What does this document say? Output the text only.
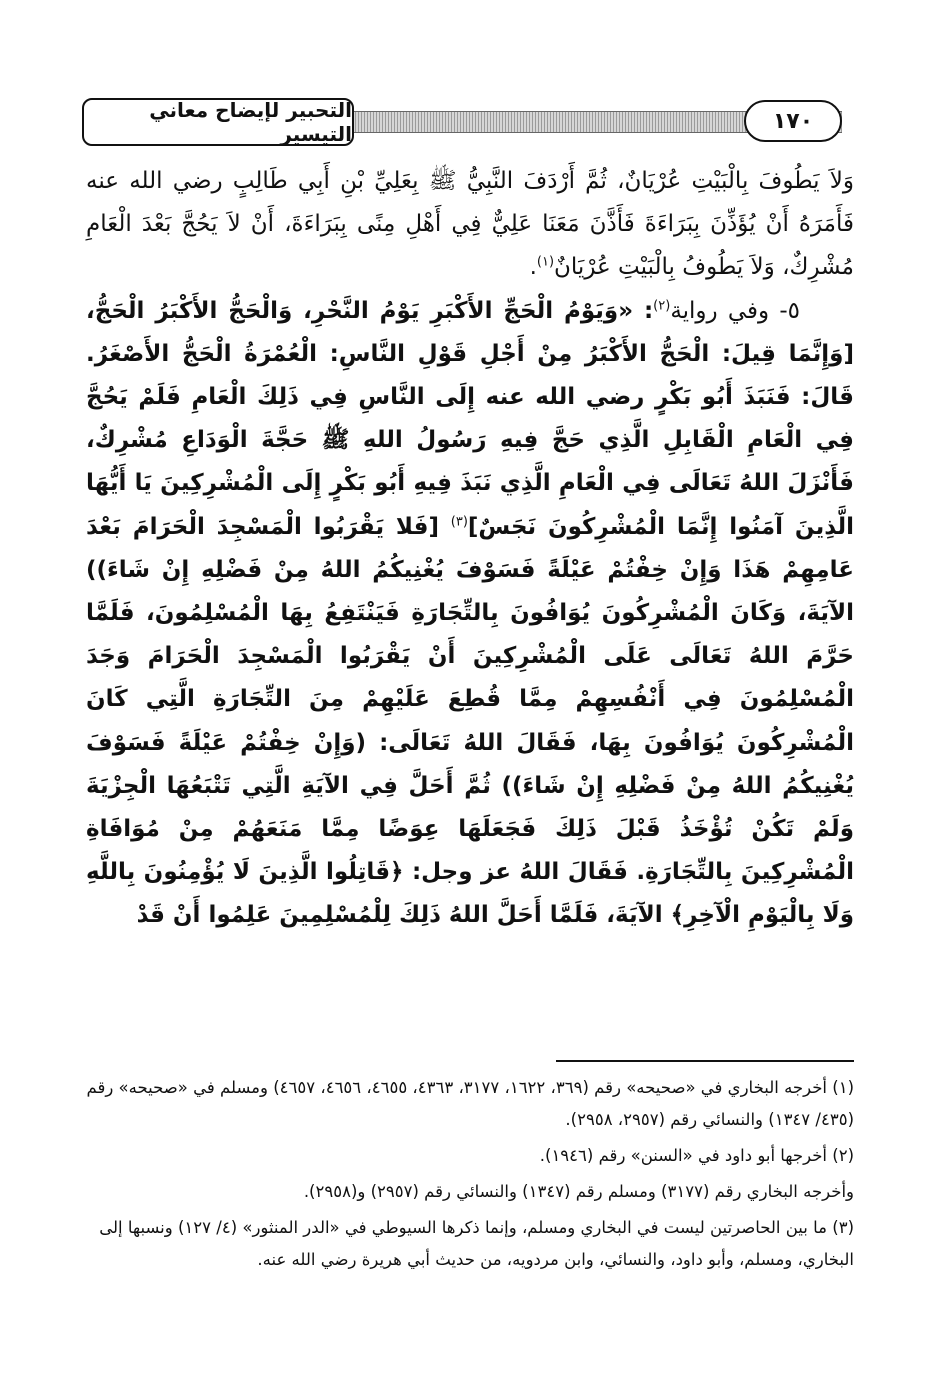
١٧٠
التحبير لإيضاح معاني التيسير

وَلاَ يَطُوفَ بِالْبَيْتِ عُرْيَانٌ، ثُمَّ أَرْدَفَ النَّبِيُّ ﷺ بِعَلِيِّ بْنِ أَبِي طَالِبٍ رضي الله عنه فَأَمَرَهُ أَنْ يُؤَذِّنَ بِبَرَاءَةَ فَأَذَّنَ مَعَنَا عَلِيٌّ فِي أَهْلِ مِنًى بِبَرَاءَةَ، أَنْ لاَ يَحُجَّ بَعْدَ الْعَامِ مُشْرِكٌ، وَلاَ يَطُوفُ بِالْبَيْتِ عُرْيَانٌ$^{(١)}$.

٥- وفي رواية$^{(٢)}$: «وَيَوْمُ الْحَجِّ الأَكْبَرِ يَوْمُ النَّحْرِ، وَالْحَجُّ الأَكْبَرُ الْحَجُّ، [وَإِنَّمَا قِيلَ: الْحَجُّ الأَكْبَرُ مِنْ أَجْلِ قَوْلِ النَّاسِ: الْعُمْرَةُ الْحَجُّ الأَصْغَرُ. قَالَ: فَنَبَذَ أَبُو بَكْرٍ رضي الله عنه إِلَى النَّاسِ فِي ذَلِكَ الْعَامِ فَلَمْ يَحُجَّ فِي الْعَامِ الْقَابِلِ الَّذِي حَجَّ فِيهِ رَسُولُ اللهِ ﷺ حَجَّةَ الْوَدَاعِ مُشْرِكٌ، فَأَنْزَلَ اللهُ تَعَالَى فِي الْعَامِ الَّذِي نَبَذَ فِيهِ أَبُو بَكْرٍ إِلَى الْمُشْرِكِينَ يَا أَيُّهَا الَّذِينَ آمَنُوا إِنَّمَا الْمُشْرِكُونَ نَجَسٌ]$^{(٣)}$ [فَلا يَقْرَبُوا الْمَسْجِدَ الْحَرَامَ بَعْدَ عَامِهِمْ هَذَا وَإِنْ خِفْتُمْ عَيْلَةً فَسَوْفَ يُغْنِيكُمُ اللهُ مِنْ فَضْلِهِ إِنْ شَاءَ)) الآيَةَ، وَكَانَ الْمُشْرِكُونَ يُوَافُونَ بِالتِّجَارَةِ فَيَنْتَفِعُ بِهَا الْمُسْلِمُونَ، فَلَمَّا حَرَّمَ اللهُ تَعَالَى عَلَى الْمُشْرِكِينَ أَنْ يَقْرَبُوا الْمَسْجِدَ الْحَرَامَ وَجَدَ الْمُسْلِمُونَ فِي أَنْفُسِهِمْ مِمَّا قُطِعَ عَلَيْهِمْ مِنَ التِّجَارَةِ الَّتِي كَانَ الْمُشْرِكُونَ يُوَافُونَ بِهَا، فَقَالَ اللهُ تَعَالَى: (وَإِنْ خِفْتُمْ عَيْلَةً فَسَوْفَ يُغْنِيكُمُ اللهُ مِنْ فَضْلِهِ إِنْ شَاءَ)) ثُمَّ أَحَلَّ فِي الآيَةِ الَّتِي تَتْبَعُهَا الْجِزْيَةَ وَلَمْ تَكُنْ تُؤْخَذُ قَبْلَ ذَلِكَ فَجَعَلَهَا عِوَضًا مِمَّا مَنَعَهُمْ مِنْ مُوَافَاةِ الْمُشْرِكِينَ بِالتِّجَارَةِ. فَقَالَ اللهُ عز وجل: ﴿قَاتِلُوا الَّذِينَ لَا يُؤْمِنُونَ بِاللَّهِ وَلَا بِالْيَوْمِ الْآخِرِ﴾ الآيَةَ، فَلَمَّا أَحَلَّ اللهُ ذَلِكَ لِلْمُسْلِمِينَ عَلِمُوا أَنْ قَدْ

(١) أخرجه البخاري في «صحيحه» رقم (٣٦٩، ١٦٢٢، ٣١٧٧، ٤٣٦٣، ٤٦٥٥، ٤٦٥٦، ٤٦٥٧) ومسلم في «صحيحه» رقم (٤٣٥/ ١٣٤٧) والنسائي رقم (٢٩٥٧، ٢٩٥٨).

(٢) أخرجها أبو داود في «السنن» رقم (١٩٤٦).

وأخرجه البخاري رقم (٣١٧٧) ومسلم رقم (١٣٤٧) والنسائي رقم (٢٩٥٧) و(٢٩٥٨).

(٣) ما بين الحاصرتين ليست في البخاري ومسلم، وإنما ذكرها السيوطي في «الدر المنثور» (٤/ ١٢٧) ونسبها إلى البخاري، ومسلم، وأبو داود، والنسائي، وابن مردويه، من حديث أبي هريرة رضي الله عنه.
